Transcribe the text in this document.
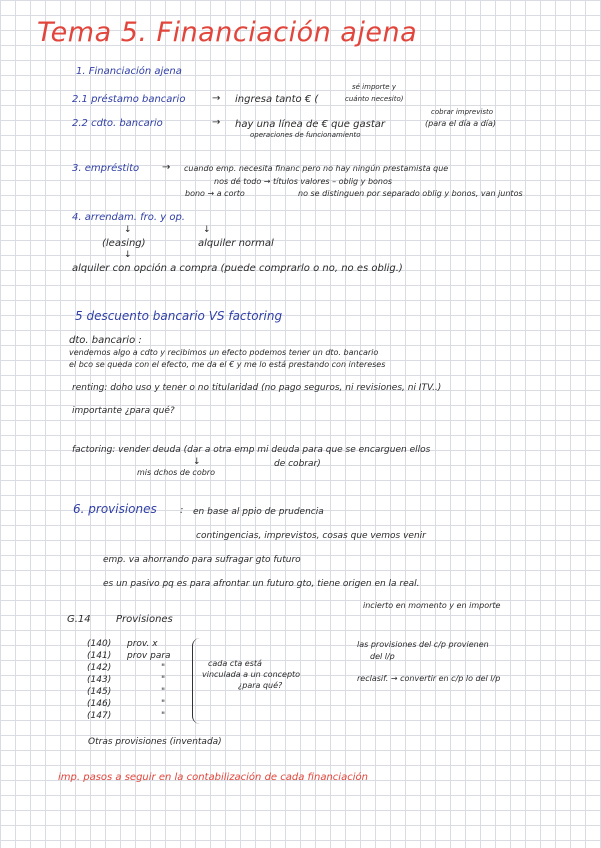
Tema 5. Financiación ajena
1. Financiación ajena
2.1 préstamo bancario	→ ingresa tanto € (
sé importe y
cuánto necesito)
2.2 cdto. bancario	→ hay una línea de € que gastar
cobrar imprevisto
(para el día a día)
operaciones de funcionamiento
3. empréstito → cuando emp. necesita financ pero no hay ningún prestamista que
nos dé todo → títulos valores – oblig y bonos
bono → a corto	no se distinguen por separado oblig y bonos, van juntos
4. arrendam. fro. y op.
↓	↓
(leasing)	alquiler normal
↓
alquiler con opción a compra (puede comprarlo o no, no es oblig.)
5 descuento bancario VS factoring
dto. bancario :
vendemos algo a cdto y recibimos un efecto podemos tener un dto. bancario
el bco se queda con el efecto, me da el € y me lo está prestando con intereses
renting: doho uso y tener o no titularidad (no pago seguros, ni revisiones, ni ITV..)
importante ¿para qué?
factoring: vender deuda (dar a otra emp mi deuda para que se encarguen ellos
↓
mis dchos de cobro
de cobrar)
6. provisiones : en base al ppio de prudencia
contingencias, imprevistos, cosas que vemos venir
emp. va ahorrando para sufragar gto futuro
es un pasivo pq es para afrontar un futuro gto, tiene origen en la real.
incierto en momento y en importe
G.14	Provisiones
(140) prov. x
(141) prov para
(142)	"
(143)	"
(145)	"
(146)	"
(147)	"
cada cta está
vinculada a un concepto
¿para qué?
las provisiones del c/p provienen
del l/p
reclasif. → convertir en c/p lo del l/p
Otras provisiones (inventada)
imp. pasos a seguir en la contabilización de cada financiación
